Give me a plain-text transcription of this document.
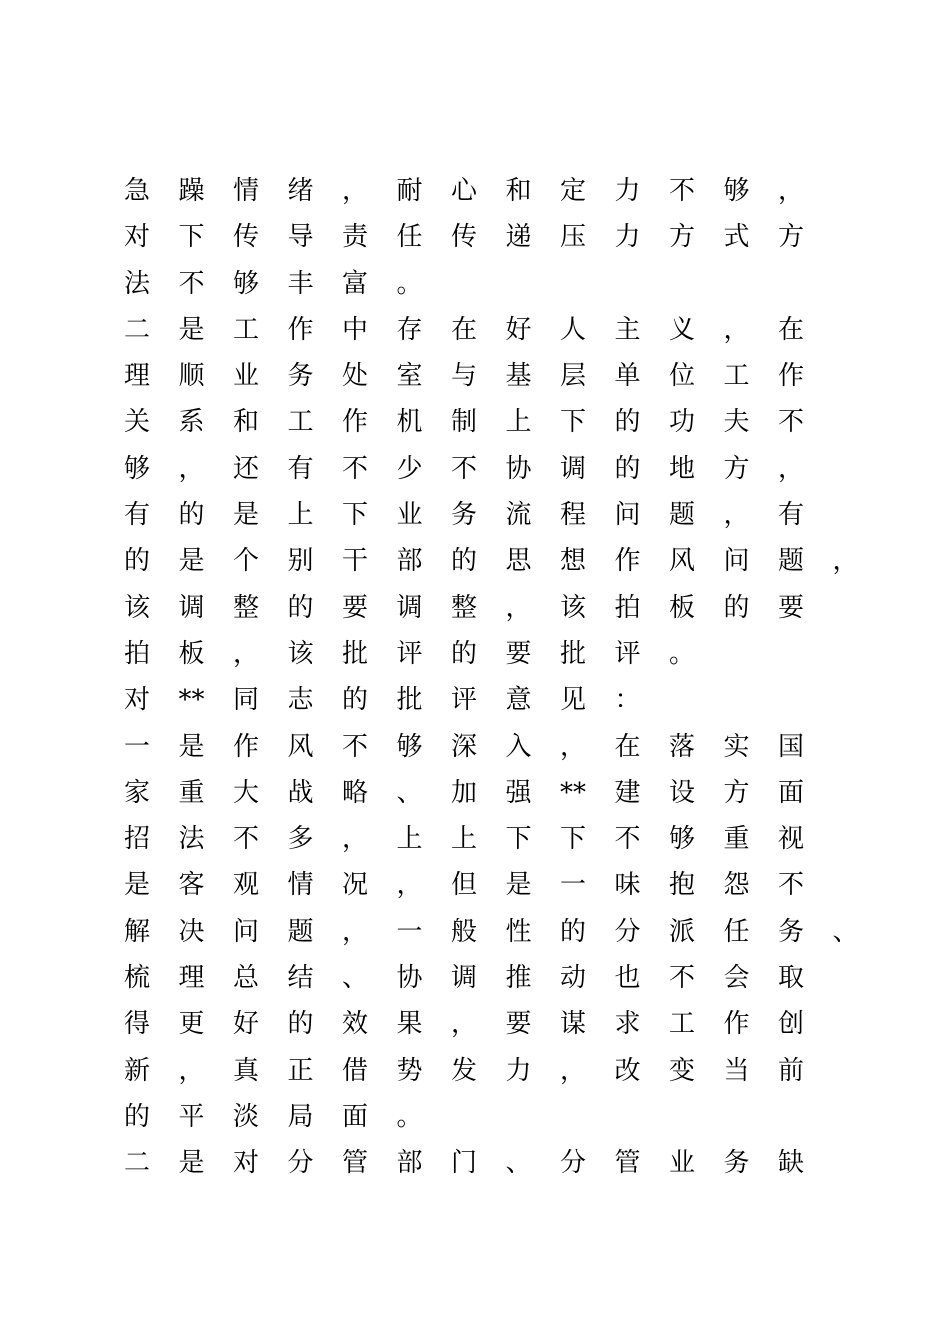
急 躁 情 绪 ， 耐 心 和 定 力 不 够 ，
对 下 传 导 责 任 传 递 压 力 方 式 方
法 不 够 丰 富 。
二 是 工 作 中 存 在 好 人 主 义 ， 在
理 顺 业 务 处 室 与 基 层 单 位 工 作
关 系 和 工 作 机 制 上 下 的 功 夫 不
够 ， 还 有 不 少 不 协 调 的 地 方 ，
有 的 是 上 下 业 务 流 程 问 题 ， 有
的 是 个 别 干 部 的 思 想 作 风 问 题 ，
该 调 整 的 要 调 整 ， 该 拍 板 的 要
拍 板 ， 该 批 评 的 要 批 评 。
对 ** 同 志 的 批 评 意 见 ：
一 是 作 风 不 够 深 入 ， 在 落 实 国
家 重 大 战 略 、 加 强 ** 建 设 方 面
招 法 不 多 ， 上 上 下 下 不 够 重 视
是 客 观 情 况 ， 但 是 一 味 抱 怨 不
解 决 问 题 ， 一 般 性 的 分 派 任 务 、
梳 理 总 结 、 协 调 推 动 也 不 会 取
得 更 好 的 效 果 ， 要 谋 求 工 作 创
新 ， 真 正 借 势 发 力 ， 改 变 当 前
的 平 淡 局 面 。
二 是 对 分 管 部 门 、 分 管 业 务 缺
